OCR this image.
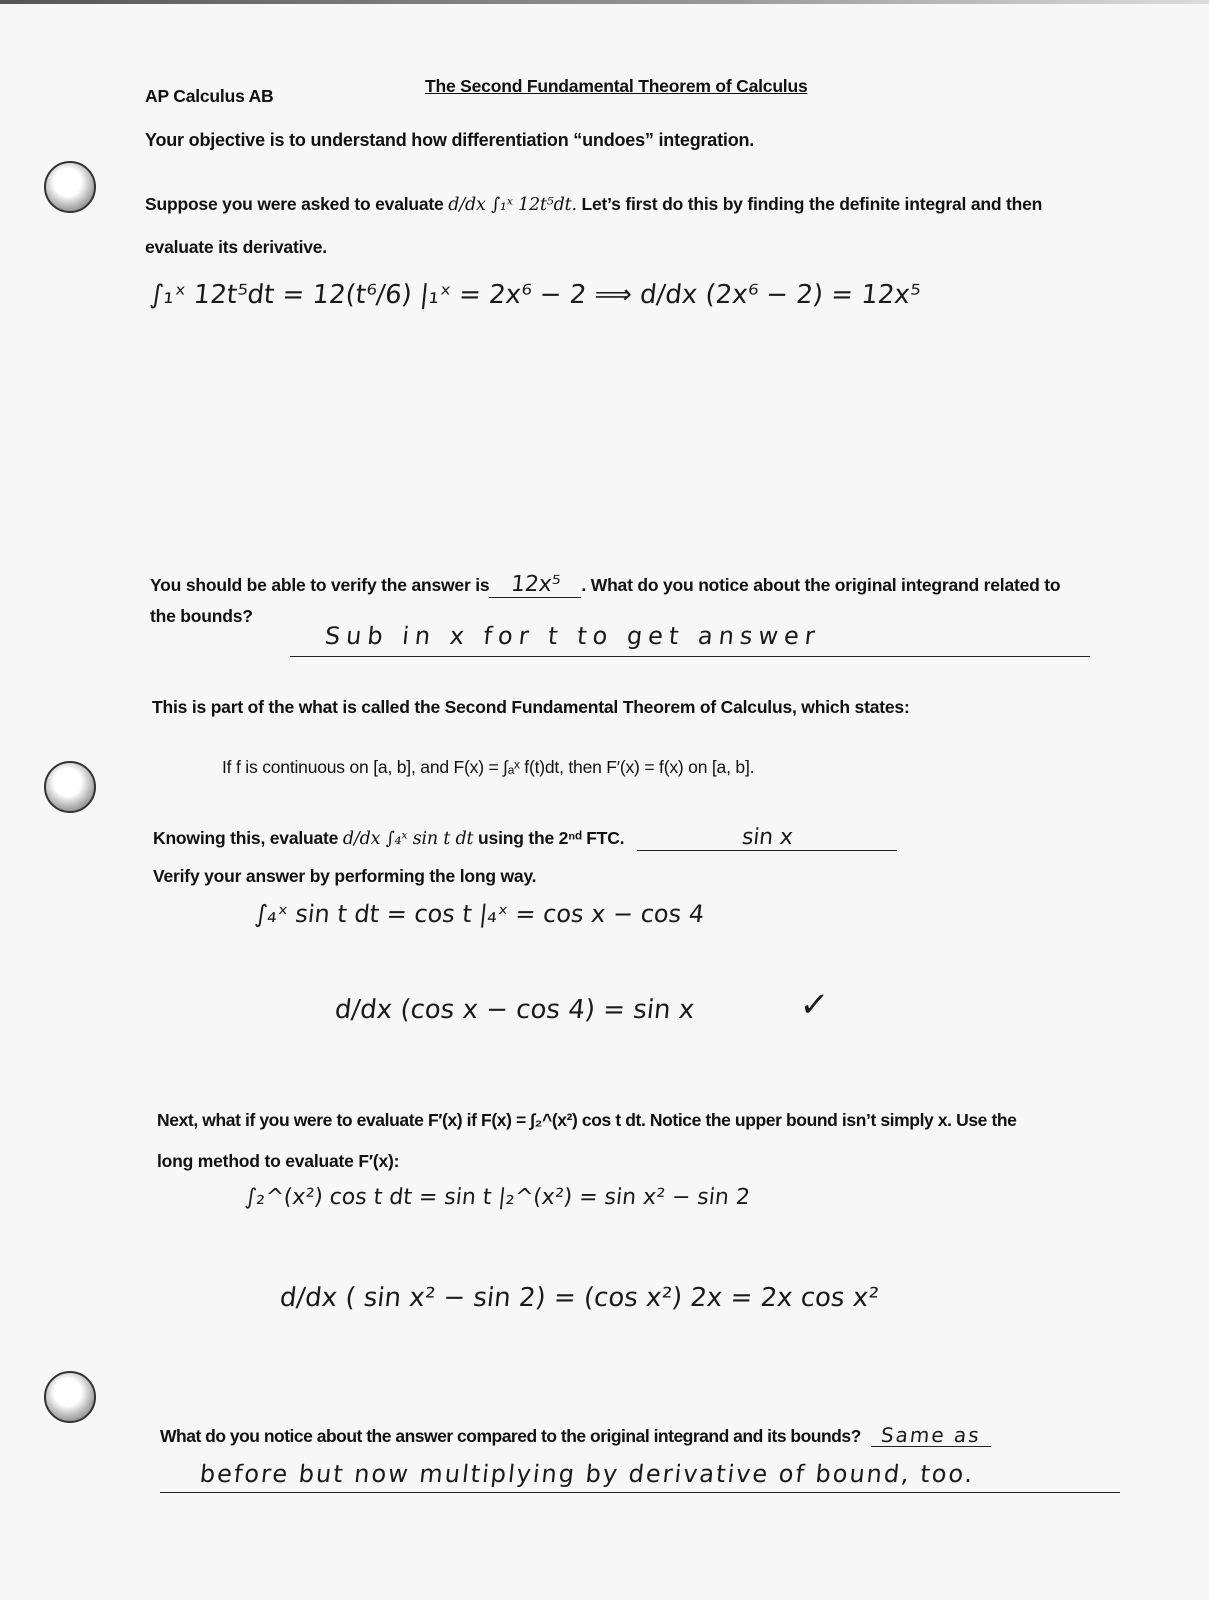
AP Calculus AB	The Second Fundamental Theorem of Calculus
Your objective is to understand how differentiation “undoes” integration.
Suppose you were asked to evaluate d/dx ∫₁ˣ 12t⁵dt. Let’s first do this by finding the definite integral and then
evaluate its derivative.
∫₁ˣ 12t⁵dt = 12(t⁶/6) |₁ˣ = 2x⁶ − 2 ⟹ d/dx (2x⁶ − 2) = 12x⁵
You should be able to verify the answer is 12x⁵ . What do you notice about the original integrand related to
the bounds?
Sub in x for t to get answer
This is part of the what is called the Second Fundamental Theorem of Calculus, which states:
If f is continuous on [a, b], and F(x) = ∫ₐˣ f(t)dt, then F′(x) = f(x) on [a, b].
Knowing this, evaluate d/dx ∫₄ˣ sin t dt using the 2ⁿᵈ FTC.	sin x
Verify your answer by performing the long way.
∫₄ˣ sin t dt = cos t |₄ˣ = cos x − cos 4
d/dx (cos x − cos 4) = sin x	✓
Next, what if you were to evaluate F′(x) if F(x) = ∫₂^(x²) cos t dt. Notice the upper bound isn’t simply x. Use the
long method to evaluate F′(x):
∫₂^(x²) cos t dt = sin t |₂^(x²) = sin x² − sin 2
d/dx ( sin x² − sin 2) = (cos x²) 2x = 2x cos x²
What do you notice about the answer compared to the original integrand and its bounds? Same as
before but now multiplying by derivative of bound, too.
